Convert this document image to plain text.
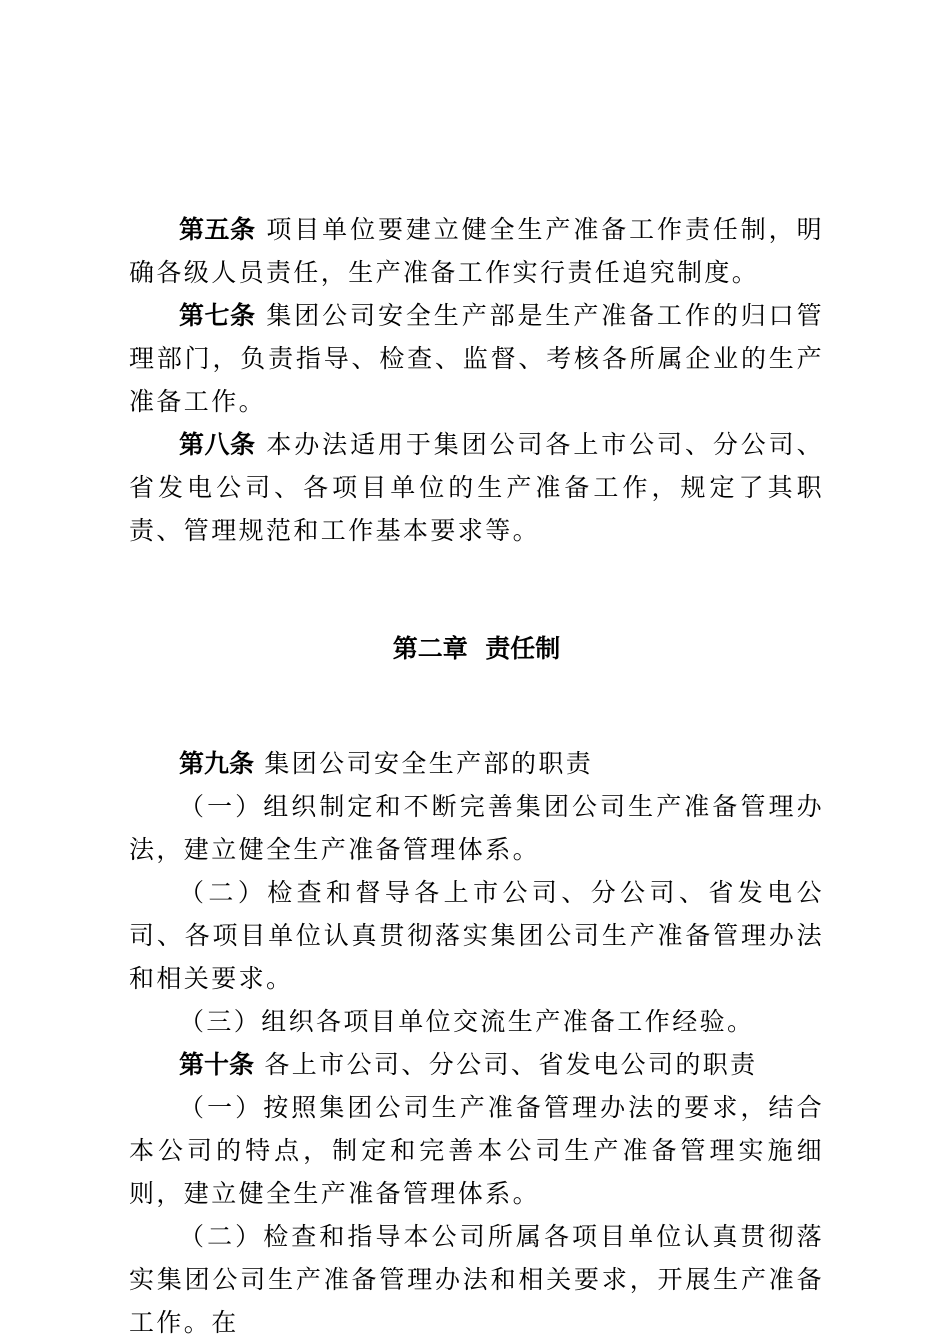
第五条 项目单位要建立健全生产准备工作责任制，明确各级人员责任，生产准备工作实行责任追究制度。

第七条 集团公司安全生产部是生产准备工作的归口管理部门，负责指导、检查、监督、考核各所属企业的生产准备工作。

第八条 本办法适用于集团公司各上市公司、分公司、省发电公司、各项目单位的生产准备工作，规定了其职责、管理规范和工作基本要求等。

第二章  责任制

第九条 集团公司安全生产部的职责

（一）组织制定和不断完善集团公司生产准备管理办法，建立健全生产准备管理体系。

（二）检查和督导各上市公司、分公司、省发电公司、各项目单位认真贯彻落实集团公司生产准备管理办法和相关要求。

（三）组织各项目单位交流生产准备工作经验。

第十条 各上市公司、分公司、省发电公司的职责

（一）按照集团公司生产准备管理办法的要求，结合本公司的特点，制定和完善本公司生产准备管理实施细则，建立健全生产准备管理体系。

（二）检查和指导本公司所属各项目单位认真贯彻落实集团公司生产准备管理办法和相关要求，开展生产准备工作。在
